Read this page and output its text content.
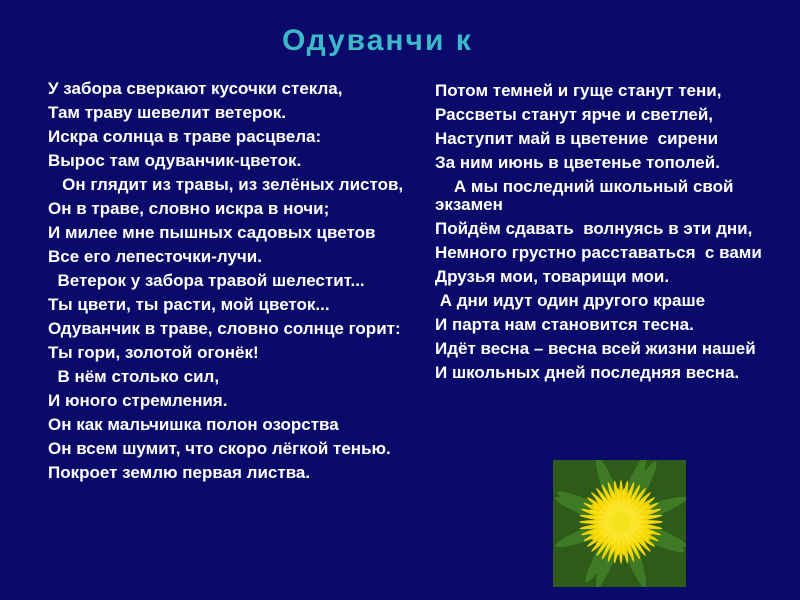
Одуванчи к
У забора сверкают кусочки стекла,
Там траву шевелит ветерок.
Искра солнца в траве расцвела:
Вырос там одуванчик-цветок.
Он глядит из травы, из зелёных листов,
Он в траве, словно искра в ночи;
И милее мне пышных садовых цветов
Все его лепесточки-лучи.
Ветерок у забора травой шелестит...
Ты цвети, ты расти, мой цветок...
Одуванчик в траве, словно солнце горит:
Ты гори, золотой огонёк!
В нём столько сил,
И юного стремления.
Он как мальчишка полон озорства
Он всем шумит, что скоро лёгкой тенью.
Покроет землю первая листва.
Потом темней и гуще станут тени,
Рассветы станут ярче и светлей,
Наступит май в цветение  сирени
За ним июнь в цветенье тополей.
А мы последний школьный свой экзамен
Пойдём сдавать  волнуясь в эти дни,
Немного грустно расставаться  с вами
Друзья мои, товарищи мои.
А дни идут один другого краше
И парта нам становится тесна.
Идёт весна – весна всей жизни нашей
И школьных дней последняя весна.
